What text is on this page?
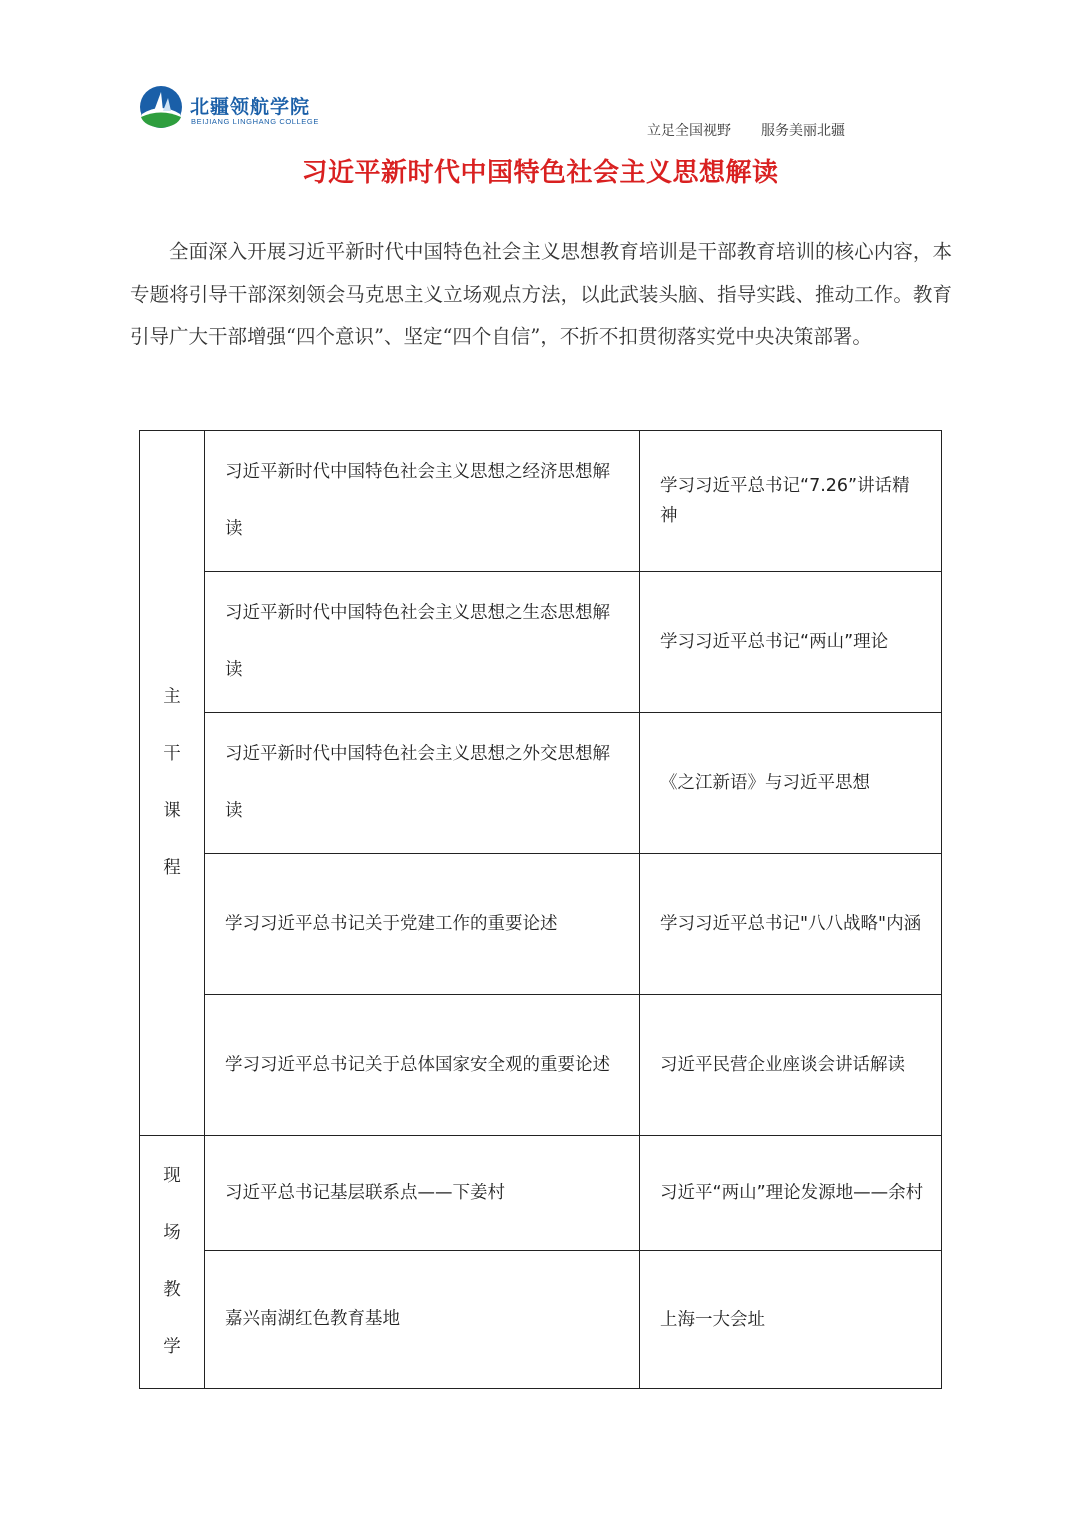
北疆领航学院
BEIJIANG LINGHANG COLLEGE
立足全国视野 服务美丽北疆
习近平新时代中国特色社会主义思想解读

全面深入开展习近平新时代中国特色社会主义思想教育培训是干部教育培训的核心内容，本专题将引导干部深刻领会马克思主义立场观点方法，以此武装头脑、指导实践、推动工作。教育引导广大干部增强“四个意识”、坚定“四个自信”，不折不扣贯彻落实党中央决策部署。

主
干
课
程	习近平新时代中国特色社会主义思想之经济思想解读	学习习近平总书记“7.26”讲话精神
	习近平新时代中国特色社会主义思想之生态思想解读	学习习近平总书记“两山”理论
	习近平新时代中国特色社会主义思想之外交思想解读	《之江新语》与习近平思想
	学习习近平总书记关于党建工作的重要论述	学习习近平总书记"八八战略"内涵
	学习习近平总书记关于总体国家安全观的重要论述	习近平民营企业座谈会讲话解读

现
场
教
学	习近平总书记基层联系点——下姜村	习近平“两山”理论发源地——余村
	嘉兴南湖红色教育基地	上海一大会址
